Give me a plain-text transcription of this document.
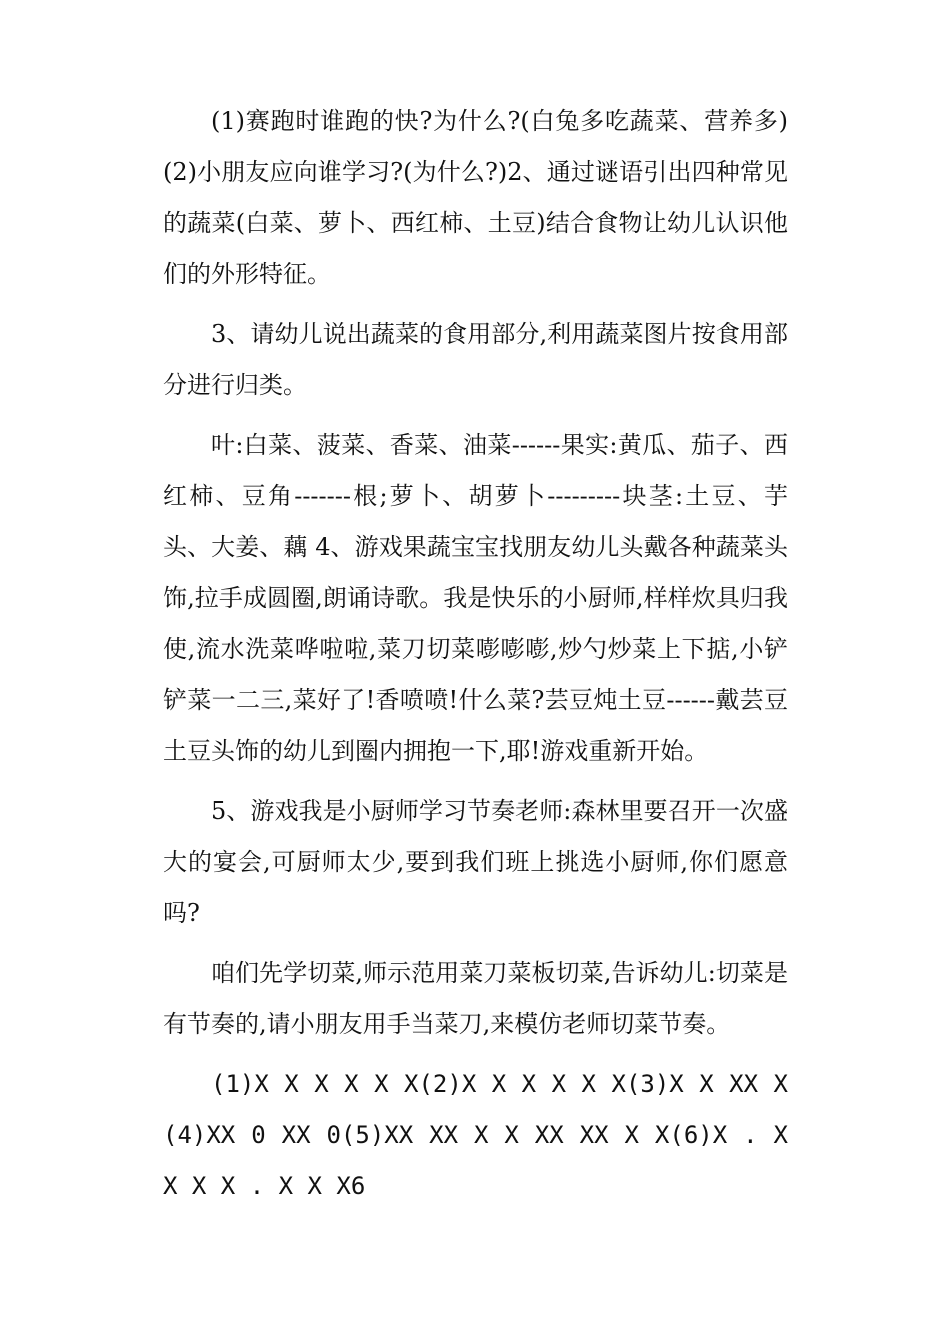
(1)赛跑时谁跑的快?为什么?(白兔多吃蔬菜、营养多)(2)小朋友应向谁学习?(为什么?)2、通过谜语引出四种常见的蔬菜(白菜、萝卜、西红柿、土豆)结合食物让幼儿认识他们的外形特征。

3、请幼儿说出蔬菜的食用部分,利用蔬菜图片按食用部分进行归类。

叶:白菜、菠菜、香菜、油菜------果实:黄瓜、茄子、西红柿、豆角-------根;萝卜、胡萝卜---------块茎:土豆、芋头、大姜、藕 4、游戏果蔬宝宝找朋友幼儿头戴各种蔬菜头饰,拉手成圆圈,朗诵诗歌。我是快乐的小厨师,样样炊具归我使,流水洗菜哗啦啦,菜刀切菜嘭嘭嘭,炒勺炒菜上下掂,小铲铲菜一二三,菜好了!香喷喷!什么菜?芸豆炖土豆------戴芸豆土豆头饰的幼儿到圈内拥抱一下,耶!游戏重新开始。

5、游戏我是小厨师学习节奏老师:森林里要召开一次盛大的宴会,可厨师太少,要到我们班上挑选小厨师,你们愿意吗?

咱们先学切菜,师示范用菜刀菜板切菜,告诉幼儿:切菜是有节奏的,请小朋友用手当菜刀,来模仿老师切菜节奏。

(1)X X X X X X(2)X X X X X X(3)X X XX X(4)XX 0 XX 0(5)XX XX X X XX XX X X(6)X . X X X X . X X X6
